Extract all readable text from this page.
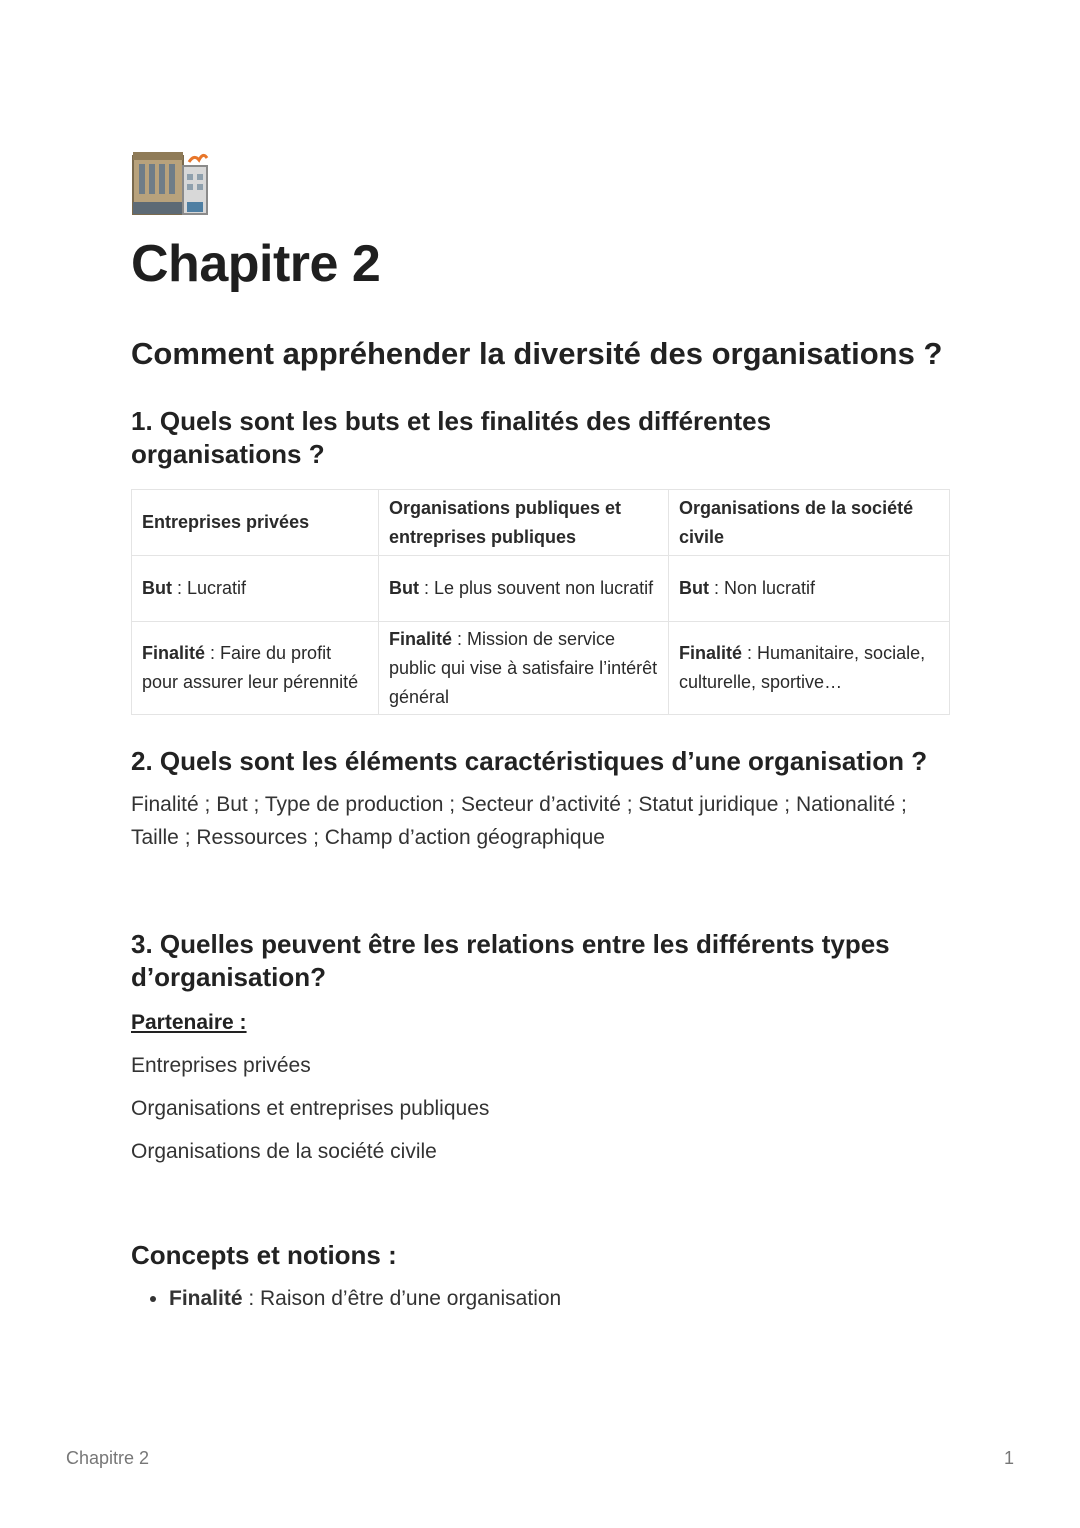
Chapitre 2
Comment appréhender la diversité des organisations ?
1. Quels sont les buts et les finalités des différentes organisations ?
Entreprises privées	Organisations publiques et entreprises publiques	Organisations de la société civile
But : Lucratif	But : Le plus souvent non lucratif	But : Non lucratif
Finalité : Faire du profit pour assurer leur pérennité	Finalité : Mission de service public qui vise à satisfaire l’intérêt général	Finalité : Humanitaire, sociale, culturelle, sportive…
2. Quels sont les éléments caractéristiques d’une organisation ?

Finalité ; But ; Type de production ; Secteur d’activité ; Statut juridique ; Nationalité ; Taille ; Ressources ; Champ d’action géographique

3. Quelles peuvent être les relations entre les différents types d’organisation?
Partenaire :
Entreprises privées
Organisations et entreprises publiques
Organisations de la société civile
Concepts et notions :
• Finalité : Raison d’être d’une organisation
Chapitre 2	1
